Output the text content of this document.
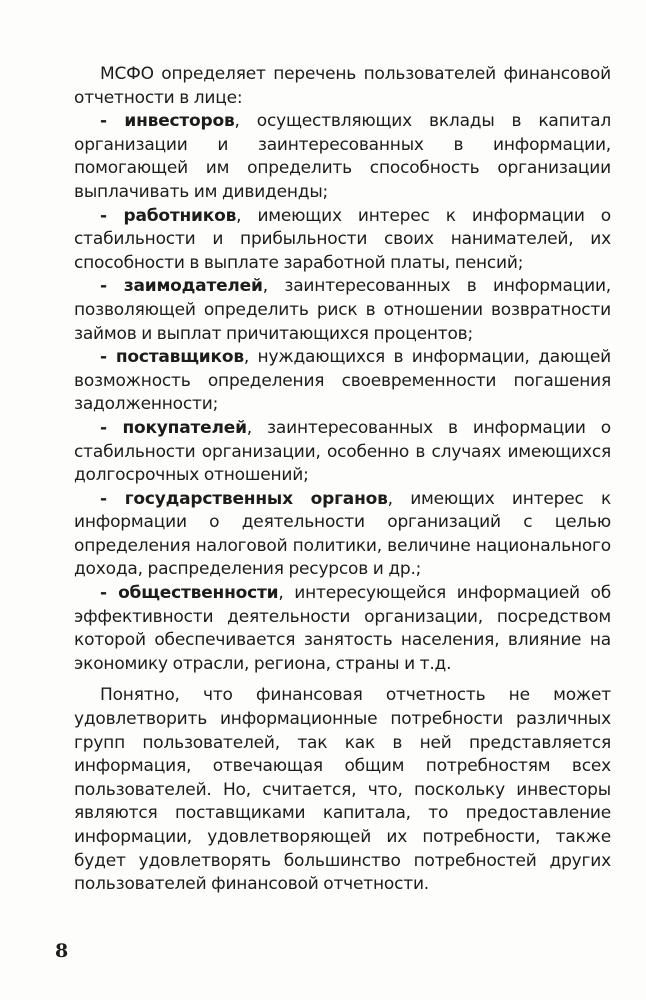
МСФО определяет перечень пользователей финансовой отчетности в лице:

- инвесторов, осуществляющих вклады в капитал организации и заинтересованных в информации, помогающей им определить способность организации выплачивать им дивиденды;

- работников, имеющих интерес к информации о стабильности и прибыльности своих нанимателей, их способности в выплате заработной платы, пенсий;

- заимодателей, заинтересованных в информации, позволяющей определить риск в отношении возвратности займов и выплат причитающихся процентов;

- поставщиков, нуждающихся в информации, дающей возможность определения своевременности погашения задолженности;

- покупателей, заинтересованных в информации о стабильности организации, особенно в случаях имеющихся долгосрочных отношений;

- государственных органов, имеющих интерес к информации о деятельности организаций с целью определения налоговой политики, величине национального дохода, распределения ресурсов и др.;

- общественности, интересующейся информацией об эффективности деятельности организации, посредством которой обеспечивается занятость населения, влияние на экономику отрасли, региона, страны и т.д.

Понятно, что финансовая отчетность не может удовлетворить информационные потребности различных групп пользователей, так как в ней представляется информация, отвечающая общим потребностям всех пользователей. Но, считается, что, поскольку инвесторы являются поставщиками капитала, то предоставление информации, удовлетворяющей их потребности, также будет удовлетворять большинство потребностей других пользователей финансовой отчетности.

8
